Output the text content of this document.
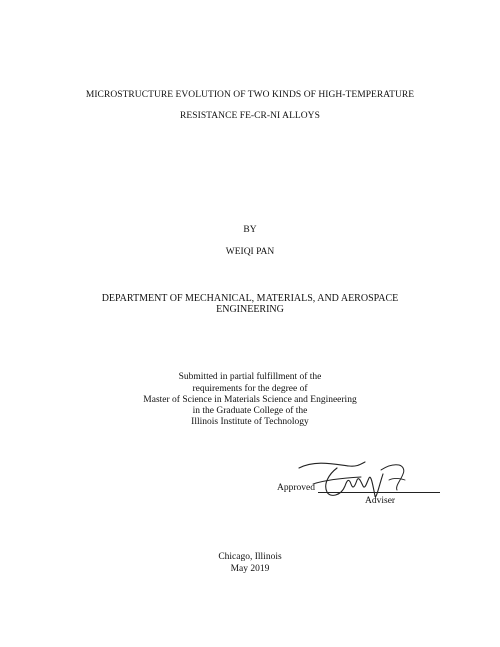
MICROSTRUCTURE EVOLUTION OF TWO KINDS OF HIGH-TEMPERATURE
RESISTANCE FE-CR-NI ALLOYS
BY
WEIQI PAN
DEPARTMENT OF MECHANICAL, MATERIALS, AND AEROSPACE
ENGINEERING
Submitted in partial fulfillment of the
requirements for the degree of
Master of Science in Materials Science and Engineering
in the Graduate College of the
Illinois Institute of Technology
Approved
Adviser
Chicago, Illinois
May 2019
